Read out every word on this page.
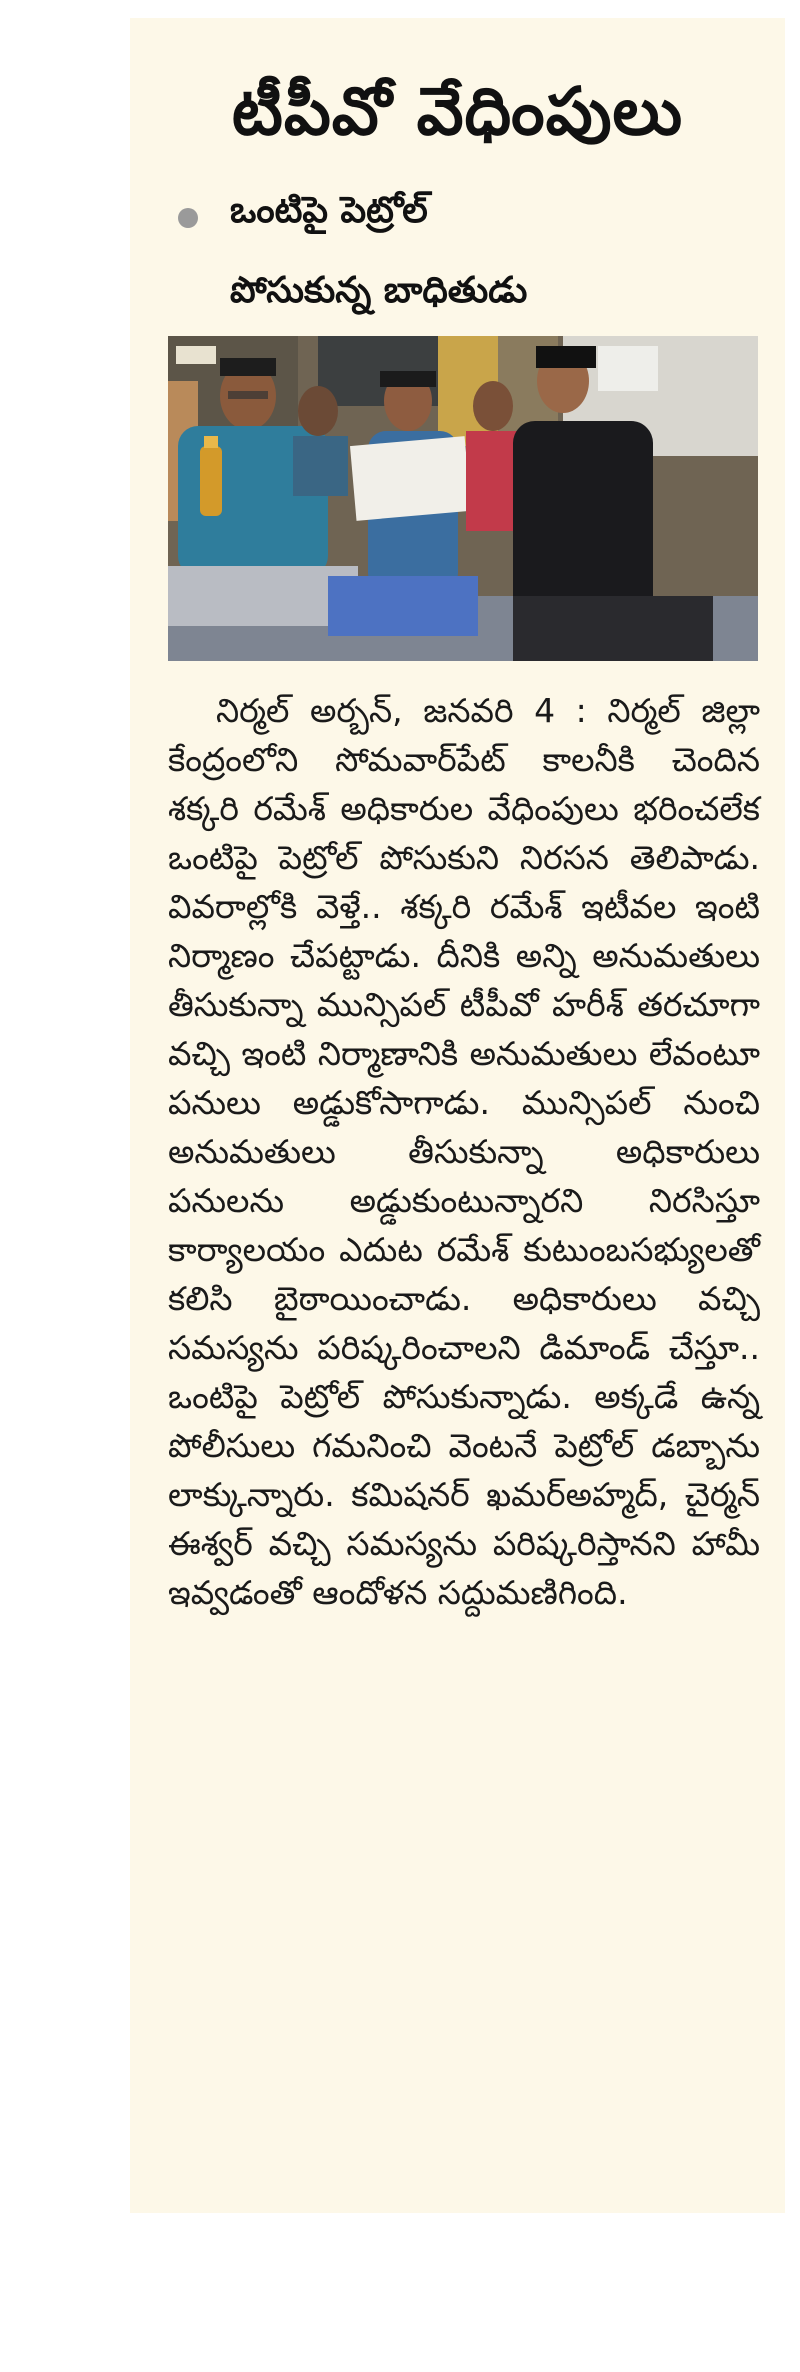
టీపీవో వేధింపులు
ఒంటిపై పెట్రోల్
పోసుకున్న బాధితుడు

నిర్మల్ అర్బన్, జనవరి 4 : నిర్మల్ జిల్లా కేంద్రంలోని సోమవార్‌పేట్ కాలనీకి చెందిన శక్కరి రమేశ్ అధికారుల వేధింపులు భరించలేక ఒంటిపై పెట్రోల్ పోసుకుని నిరసన తెలిపాడు. వివరాల్లోకి వెళ్తే.. శక్కరి రమేశ్ ఇటీవల ఇంటి నిర్మాణం చేపట్టాడు. దీనికి అన్ని అనుమతులు తీసుకున్నా మున్సిపల్ టీపీవో హరీశ్ తరచూగా వచ్చి ఇంటి నిర్మాణానికి అనుమతులు లేవంటూ పనులు అడ్డుకోసాగాడు. మున్సిపల్ నుంచి అనుమతులు తీసుకున్నా అధికారులు పనులను అడ్డుకుంటున్నారని నిరసిస్తూ కార్యాలయం ఎదుట రమేశ్ కుటుంబసభ్యులతో కలిసి బైఠాయించాడు. అధికారులు వచ్చి సమస్యను పరిష్కరించాలని డిమాండ్ చేస్తూ.. ఒంటిపై పెట్రోల్ పోసుకున్నాడు. అక్కడే ఉన్న పోలీసులు గమనించి వెంటనే పెట్రోల్ డబ్బాను లాక్కున్నారు. కమిషనర్ ఖమర్‌అహ్మద్, చైర్మన్ ఈశ్వర్ వచ్చి సమస్యను పరిష్కరిస్తానని హామీ ఇవ్వడంతో ఆందోళన సద్దుమణిగింది.
